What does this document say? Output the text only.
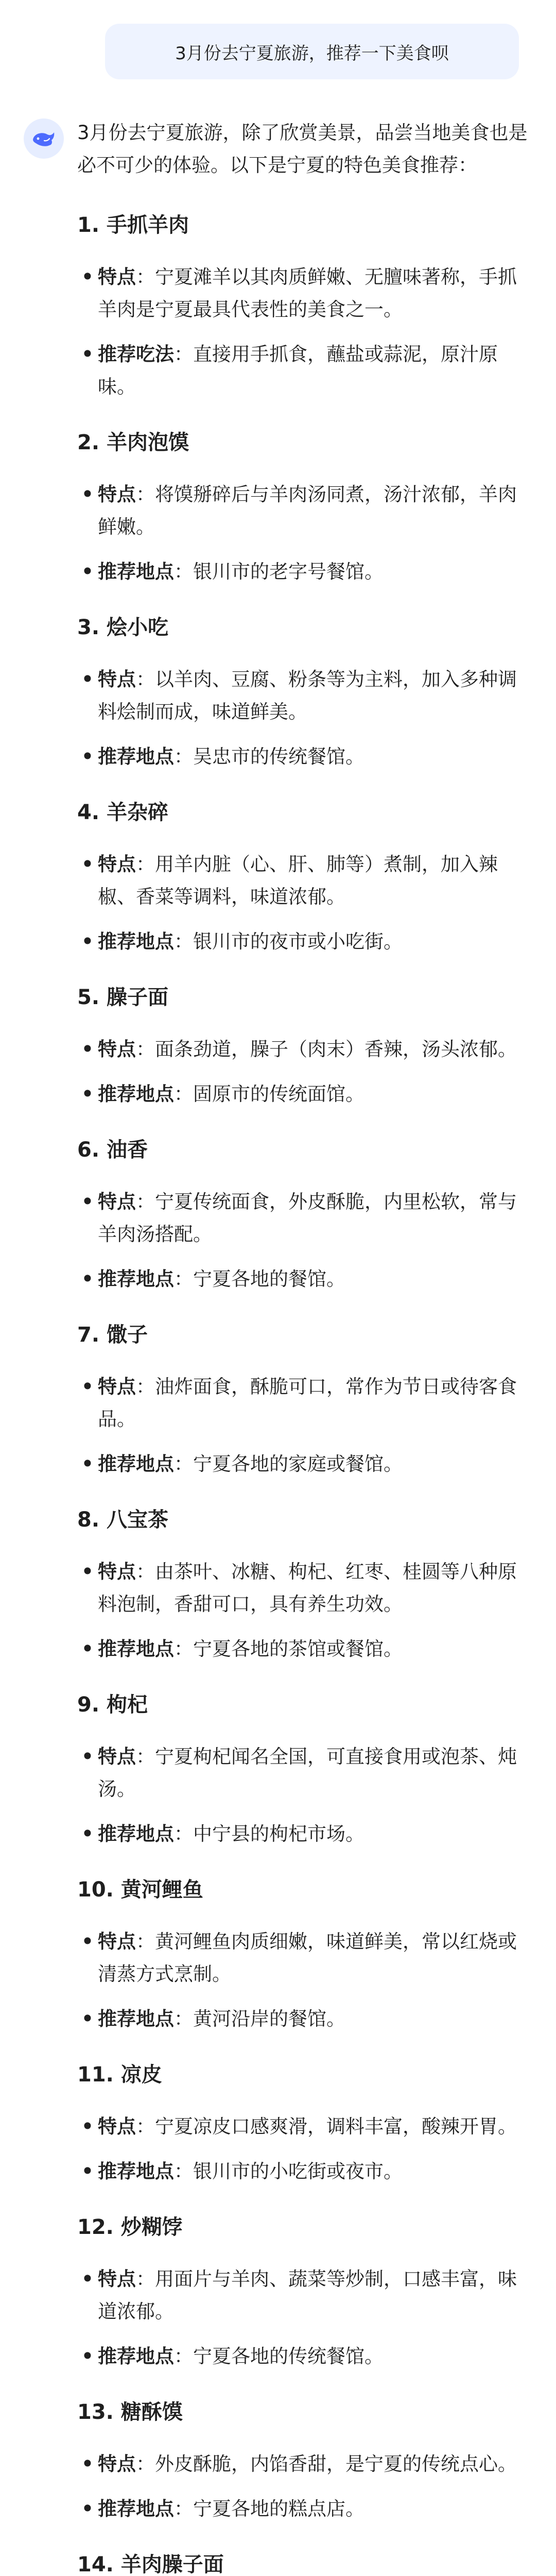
3月份去宁夏旅游，推荐一下美食呗
3月份去宁夏旅游，除了欣赏美景，品尝当地美食也是必不可少的体验。以下是宁夏的特色美食推荐：
1. 手抓羊肉
• 特点：宁夏滩羊以其肉质鲜嫩、无膻味著称，手抓羊肉是宁夏最具代表性的美食之一。
• 推荐吃法：直接用手抓食，蘸盐或蒜泥，原汁原味。
2. 羊肉泡馍
• 特点：将馍掰碎后与羊肉汤同煮，汤汁浓郁，羊肉鲜嫩。
• 推荐地点：银川市的老字号餐馆。
3. 烩小吃
• 特点：以羊肉、豆腐、粉条等为主料，加入多种调料烩制而成，味道鲜美。
• 推荐地点：吴忠市的传统餐馆。
4. 羊杂碎
• 特点：用羊内脏（心、肝、肺等）煮制，加入辣椒、香菜等调料，味道浓郁。
• 推荐地点：银川市的夜市或小吃街。
5. 臊子面
• 特点：面条劲道，臊子（肉末）香辣，汤头浓郁。
• 推荐地点：固原市的传统面馆。
6. 油香
• 特点：宁夏传统面食，外皮酥脆，内里松软，常与羊肉汤搭配。
• 推荐地点：宁夏各地的餐馆。
7. 馓子
• 特点：油炸面食，酥脆可口，常作为节日或待客食品。
• 推荐地点：宁夏各地的家庭或餐馆。
8. 八宝茶
• 特点：由茶叶、冰糖、枸杞、红枣、桂圆等八种原料泡制，香甜可口，具有养生功效。
• 推荐地点：宁夏各地的茶馆或餐馆。
9. 枸杞
• 特点：宁夏枸杞闻名全国，可直接食用或泡茶、炖汤。
• 推荐地点：中宁县的枸杞市场。
10. 黄河鲤鱼
• 特点：黄河鲤鱼肉质细嫩，味道鲜美，常以红烧或清蒸方式烹制。
• 推荐地点：黄河沿岸的餐馆。
11. 凉皮
• 特点：宁夏凉皮口感爽滑，调料丰富，酸辣开胃。
• 推荐地点：银川市的小吃街或夜市。
12. 炒糊饽
• 特点：用面片与羊肉、蔬菜等炒制，口感丰富，味道浓郁。
• 推荐地点：宁夏各地的传统餐馆。
13. 糖酥馍
• 特点：外皮酥脆，内馅香甜，是宁夏的传统点心。
• 推荐地点：宁夏各地的糕点店。
14. 羊肉臊子面
